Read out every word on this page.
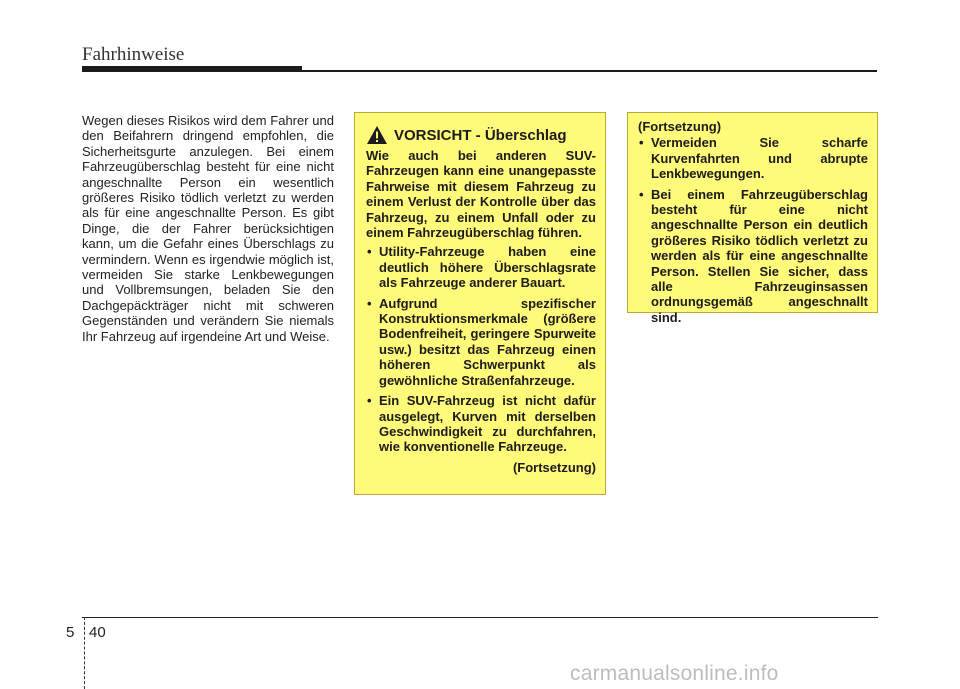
Fahrhinweise
Wegen dieses Risikos wird dem Fahrer und den Beifahrern dringend empfohlen, die Sicherheitsgurte anzulegen. Bei einem Fahrzeugüberschlag besteht für eine nicht angeschnallte Person ein wesentlich größeres Risiko tödlich verletzt zu werden als für eine angeschnallte Person. Es gibt Dinge, die der Fahrer berücksichtigen kann, um die Gefahr eines Überschlags zu vermindern. Wenn es irgendwie möglich ist, vermeiden Sie starke Lenkbewegungen und Vollbremsungen, beladen Sie den Dachgepäckträger nicht mit schweren Gegenständen und verändern Sie niemals Ihr Fahrzeug auf irgendeine Art und Weise.
VORSICHT - Überschlag

Wie auch bei anderen SUV-Fahrzeugen kann eine unangepasste Fahrweise mit diesem Fahrzeug zu einem Verlust der Kontrolle über das Fahrzeug, zu einem Unfall oder zu einem Fahrzeugüberschlag führen.

• Utility-Fahrzeuge haben eine deutlich höhere Überschlagsrate als Fahrzeuge anderer Bauart.
• Aufgrund spezifischer Konstruktionsmerkmale (größere Bodenfreiheit, geringere Spurweite usw.) besitzt das Fahrzeug einen höheren Schwerpunkt als gewöhnliche Straßenfahrzeuge.
• Ein SUV-Fahrzeug ist nicht dafür ausgelegt, Kurven mit derselben Geschwindigkeit zu durchfahren, wie konventionelle Fahrzeuge.
(Fortsetzung)

(Fortsetzung)

• Vermeiden Sie scharfe Kurvenfahrten und abrupte Lenkbewegungen.
• Bei einem Fahrzeugüberschlag besteht für eine nicht angeschnallte Person ein deutlich größeres Risiko tödlich verletzt zu werden als für eine angeschnallte Person. Stellen Sie sicher, dass alle Fahrzeuginsassen ordnungsgemäß angeschnallt sind.
5 40
carmanualsonline.info
